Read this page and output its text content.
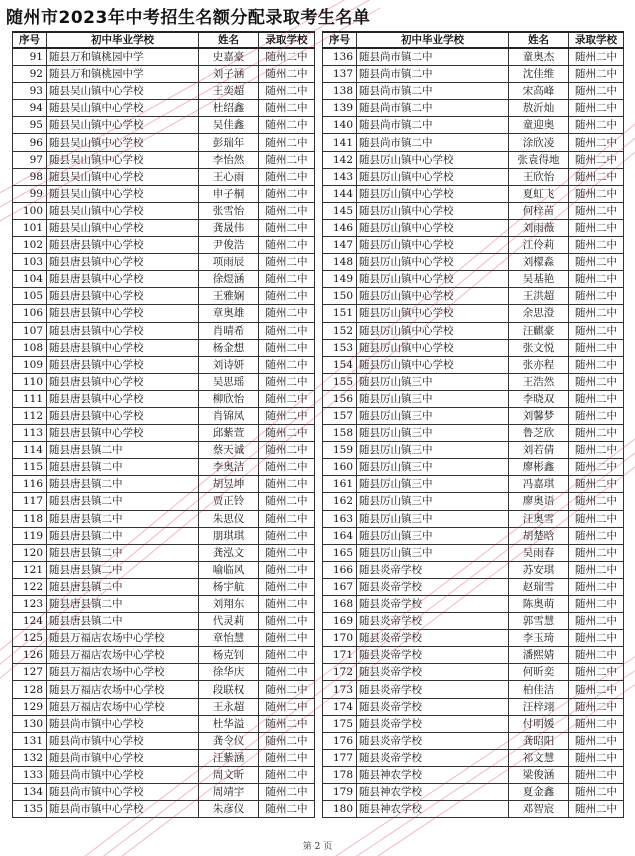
随州市2023年中考招生名额分配录取考生名单
序号	初中毕业学校	姓名	录取学校
91	随县万和镇桃园中学	史嘉豪	随州二中
92	随县万和镇桃园中学	刘子涵	随州二中
93	随县吴山镇中心学校	王奕超	随州二中
94	随县吴山镇中心学校	杜绍鑫	随州二中
95	随县吴山镇中心学校	吴佳鑫	随州二中
96	随县吴山镇中心学校	彭瑞年	随州二中
97	随县吴山镇中心学校	李怡然	随州二中
98	随县吴山镇中心学校	王心雨	随州二中
99	随县吴山镇中心学校	申子桐	随州二中
100	随县吴山镇中心学校	张雪怡	随州二中
101	随县吴山镇中心学校	龚晟伟	随州二中
102	随县唐县镇中心学校	尹俊浩	随州二中
103	随县唐县镇中心学校	项雨辰	随州二中
104	随县唐县镇中心学校	徐煜涵	随州二中
105	随县唐县镇中心学校	王雅娴	随州二中
106	随县唐县镇中心学校	章奥雄	随州二中
107	随县唐县镇中心学校	肖晴希	随州二中
108	随县唐县镇中心学校	杨金想	随州二中
109	随县唐县镇中心学校	刘诗妍	随州二中
110	随县唐县镇中心学校	吴思瑶	随州二中
111	随县唐县镇中心学校	柳欣怡	随州二中
112	随县唐县镇中心学校	肖锦凤	随州二中
113	随县唐县镇中心学校	邱紫萱	随州二中
114	随县唐县镇二中	蔡天诚	随州二中
115	随县唐县镇二中	李奥洁	随州二中
116	随县唐县镇二中	胡昱坤	随州二中
117	随县唐县镇二中	贾正铃	随州二中
118	随县唐县镇二中	朱思仪	随州二中
119	随县唐县镇二中	朋琪琪	随州二中
120	随县唐县镇二中	龚泓文	随州二中
121	随县唐县镇二中	喻临风	随州二中
122	随县唐县镇二中	杨宇航	随州二中
123	随县唐县镇二中	刘翔东	随州二中
124	随县唐县镇二中	代灵莉	随州二中
125	随县万福店农场中心学校	章怡慧	随州二中
126	随县万福店农场中心学校	杨克钊	随州二中
127	随县万福店农场中心学校	徐华庆	随州二中
128	随县万福店农场中心学校	段联权	随州二中
129	随县万福店农场中心学校	王永超	随州二中
130	随县尚市镇中心学校	杜华溢	随州二中
131	随县尚市镇中心学校	龚令仪	随州二中
132	随县尚市镇中心学校	汪紫涵	随州二中
133	随县尚市镇中心学校	周文昕	随州二中
134	随县尚市镇中心学校	周靖宇	随州二中
135	随县尚市镇中心学校	朱彦仪	随州二中
序号	初中毕业学校	姓名	录取学校
136	随县尚市镇二中	童奥杰	随州二中
137	随县尚市镇二中	沈佳维	随州二中
138	随县尚市镇二中	宋高峰	随州二中
139	随县尚市镇二中	敖沂灿	随州二中
140	随县尚市镇二中	童迎奥	随州二中
141	随县尚市镇二中	涂欣凌	随州二中
142	随县厉山镇中心学校	张袁得地	随州二中
143	随县厉山镇中心学校	王欣怡	随州二中
144	随县厉山镇中心学校	夏虹飞	随州二中
145	随县厉山镇中心学校	何梓苗	随州二中
146	随县厉山镇中心学校	刘雨薇	随州二中
147	随县厉山镇中心学校	江伶莉	随州二中
148	随县厉山镇中心学校	刘檬淼	随州二中
149	随县厉山镇中心学校	吴基艳	随州二中
150	随县厉山镇中心学校	王洪超	随州二中
151	随县厉山镇中心学校	余思澄	随州二中
152	随县厉山镇中心学校	汪麒豪	随州二中
153	随县厉山镇中心学校	张文悦	随州二中
154	随县厉山镇中心学校	张亦程	随州二中
155	随县厉山镇三中	王浩然	随州二中
156	随县厉山镇三中	李晓双	随州二中
157	随县厉山镇三中	刘馨梦	随州二中
158	随县厉山镇三中	鲁芝欣	随州二中
159	随县厉山镇三中	刘若倩	随州二中
160	随县厉山镇三中	廖彬鑫	随州二中
161	随县厉山镇三中	冯嘉琪	随州二中
162	随县厉山镇三中	廖奥语	随州二中
163	随县厉山镇三中	汪奥雪	随州二中
164	随县厉山镇三中	胡楚晗	随州二中
165	随县厉山镇三中	吴雨春	随州二中
166	随县炎帝学校	苏安琪	随州二中
167	随县炎帝学校	赵瑞雪	随州二中
168	随县炎帝学校	陈奥萌	随州二中
169	随县炎帝学校	郭雪慧	随州二中
170	随县炎帝学校	李玉琦	随州二中
171	随县炎帝学校	潘熙婧	随州二中
172	随县炎帝学校	何昕奕	随州二中
173	随县炎帝学校	柏佳洁	随州二中
174	随县炎帝学校	汪梓翊	随州二中
175	随县炎帝学校	付明媛	随州二中
176	随县炎帝学校	龚昭阳	随州二中
177	随县炎帝学校	祁文慧	随州二中
178	随县神农学校	梁俊涵	随州二中
179	随县神农学校	夏金鑫	随州二中
180	随县神农学校	邓智宸	随州二中
第 2 页
